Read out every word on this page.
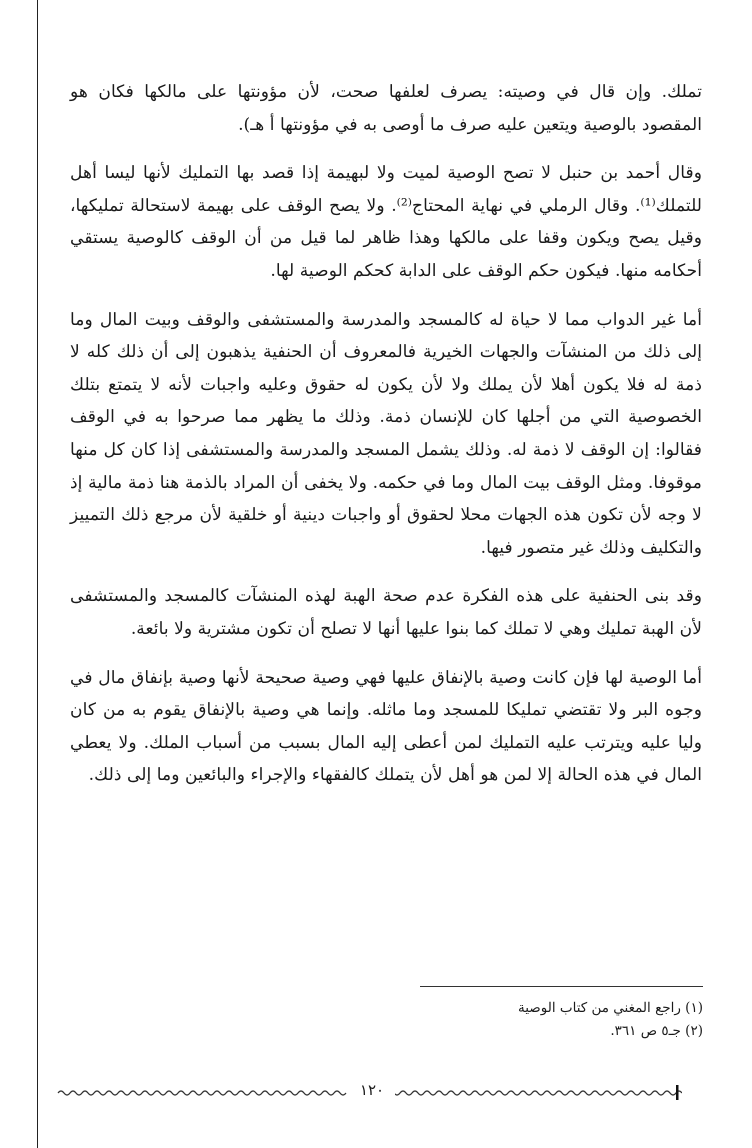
تملك. وإن قال في وصيته: يصرف لعلفها صحت، لأن مؤونتها على مالكها فكان هو المقصود بالوصية ويتعين عليه صرف ما أوصى به في مؤونتها أ هـ).

وقال أحمد بن حنبل لا تصح الوصية لميت ولا لبهيمة إذا قصد بها التمليك لأنها ليسا أهل للتملك⁽¹⁾. وقال الرملي في نهاية المحتاج⁽²⁾. ولا يصح الوقف على بهيمة لاستحالة تمليكها، وقيل يصح ويكون وقفا على مالكها وهذا ظاهر لما قيل من أن الوقف كالوصية يستقي أحكامه منها. فيكون حكم الوقف على الدابة كحكم الوصية لها.

أما غير الدواب مما لا حياة له كالمسجد والمدرسة والمستشفى والوقف وبيت المال وما إلى ذلك من المنشآت والجهات الخيرية فالمعروف أن الحنفية يذهبون إلى أن ذلك كله لا ذمة له فلا يكون أهلا لأن يملك ولا لأن يكون له حقوق وعليه واجبات لأنه لا يتمتع بتلك الخصوصية التي من أجلها كان للإنسان ذمة. وذلك ما يظهر مما صرحوا به في الوقف فقالوا: إن الوقف لا ذمة له. وذلك يشمل المسجد والمدرسة والمستشفى إذا كان كل منها موقوفا. ومثل الوقف بيت المال وما في حكمه. ولا يخفى أن المراد بالذمة هنا ذمة مالية إذ لا وجه لأن تكون هذه الجهات محلا لحقوق أو واجبات دينية أو خلقية لأن مرجع ذلك التمييز والتكليف وذلك غير متصور فيها.

وقد بنى الحنفية على هذه الفكرة عدم صحة الهبة لهذه المنشآت كالمسجد والمستشفى لأن الهبة تمليك وهي لا تملك كما بنوا عليها أنها لا تصلح أن تكون مشترية ولا بائعة.

أما الوصية لها فإن كانت وصية بالإنفاق عليها فهي وصية صحيحة لأنها وصية بإنفاق مال في وجوه البر ولا تقتضي تمليكا للمسجد وما ماثله. وإنما هي وصية بالإنفاق يقوم به من كان وليا عليه ويترتب عليه التمليك لمن أعطى إليه المال بسبب من أسباب الملك. ولا يعطي المال في هذه الحالة إلا لمن هو أهل لأن يتملك كالفقهاء والإجراء والبائعين وما إلى ذلك.

(١) راجع المغني من كتاب الوصية

(٢) جـ٥ ص ٣٦١.

١٢٠
